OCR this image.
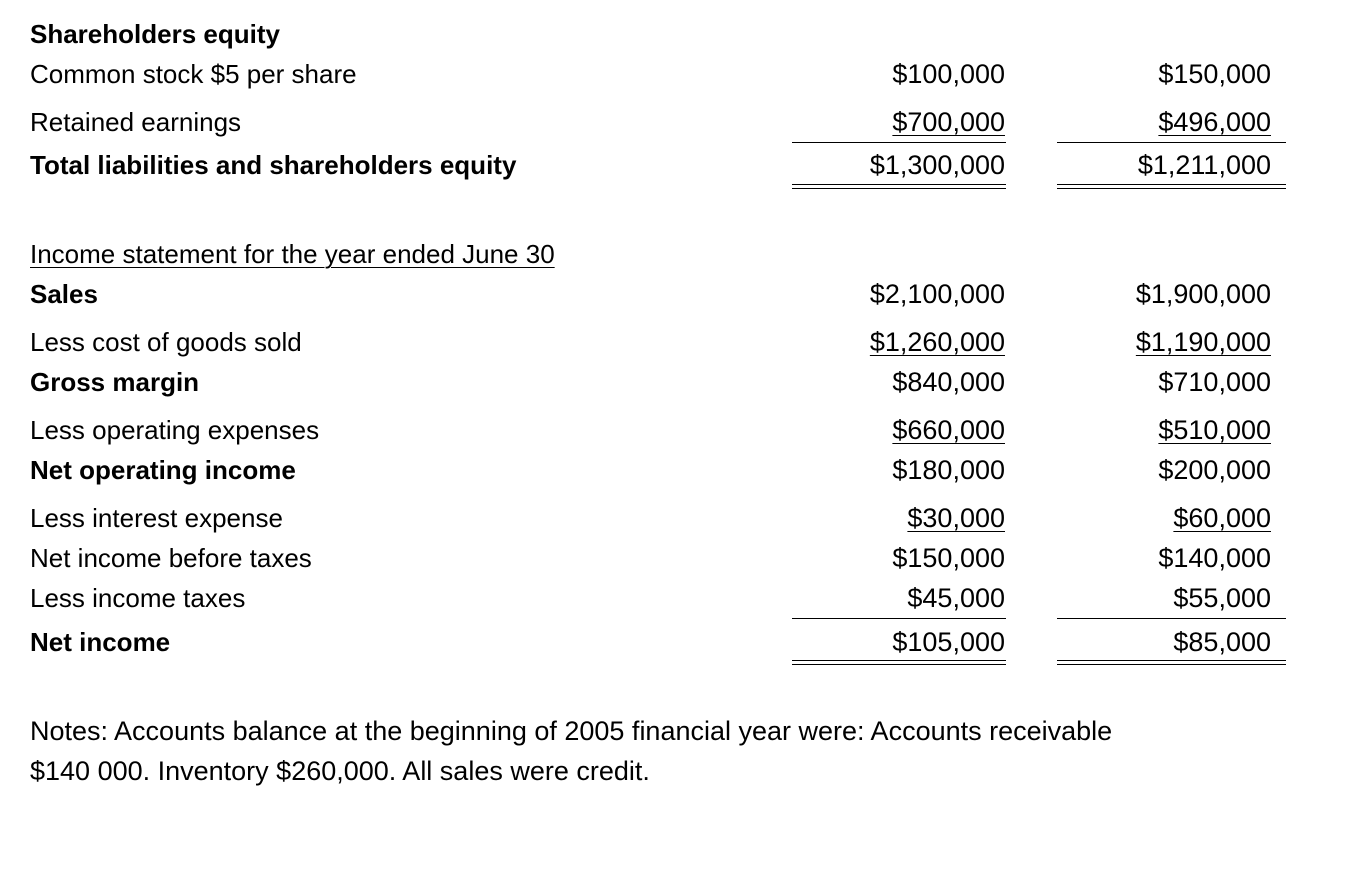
Shareholders equity
Common stock $5 per share	$100,000	$150,000
Retained earnings	$700,000	$496,000
Total liabilities and shareholders equity	$1,300,000	$1,211,000
Income statement for the year ended June 30
Sales	$2,100,000	$1,900,000
Less cost of goods sold	$1,260,000	$1,190,000
Gross margin	$840,000	$710,000
Less operating expenses	$660,000	$510,000
Net operating income	$180,000	$200,000
Less interest expense	$30,000	$60,000
Net income before taxes	$150,000	$140,000
Less income taxes	$45,000	$55,000
Net income	$105,000	$85,000
Notes: Accounts balance at the beginning of 2005 financial year were: Accounts receivable
$140 000. Inventory $260,000. All sales were credit.
